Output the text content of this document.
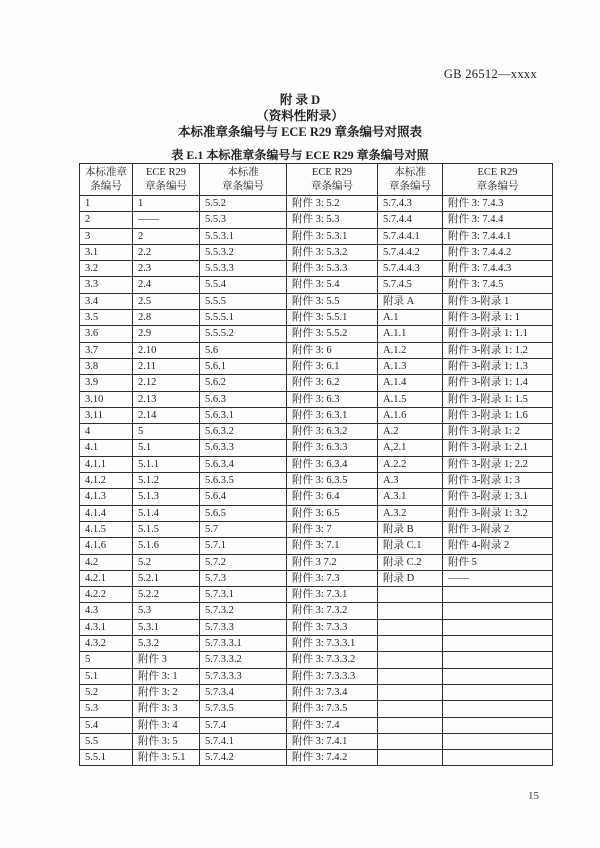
GB 26512—xxxx
附 录 D
（资料性附录）
本标准章条编号与 ECE R29 章条编号对照表
表 E.1 本标准章条编号与 ECE R29 章条编号对照
本标准章
条编号

ECE R29
章条编号

本标准
章条编号

ECE R29
章条编号

本标准
章条编号

ECE R29
章条编号

1	1	5.5.2	附件 3: 5.2	5.7.4.3	附件 3: 7.4.3
2	——	5.5.3	附件 3: 5.3	5.7.4.4	附件 3: 7.4.4
3	2	5.5.3.1	附件 3: 5.3.1	5.7.4.4.1	附件 3: 7.4.4.1
3.1	2.2	5.5.3.2	附件 3: 5.3.2	5.7.4.4.2	附件 3: 7.4.4.2
3.2	2.3	5.5.3.3	附件 3: 5.3.3	5.7.4.4.3	附件 3: 7.4.4.3
3.3	2.4	5.5.4	附件 3: 5.4	5.7.4.5	附件 3: 7.4.5
3.4	2.5	5.5.5	附件 3: 5.5	附录 A	附件 3-附录 1
3.5	2.8	5.5.5.1	附件 3: 5.5.1	A.1	附件 3-附录 1: 1
3.6	2.9	5.5.5.2	附件 3: 5.5.2	A.1.1	附件 3-附录 1: 1.1
3.7	2.10	5.6	附件 3: 6	A.1.2	附件 3-附录 1: 1.2
3.8	2.11	5.6.1	附件 3: 6.1	A.1.3	附件 3-附录 1: 1.3
3.9	2.12	5.6.2	附件 3: 6.2	A.1.4	附件 3-附录 1: 1.4
3.10	2.13	5.6.3	附件 3: 6.3	A.1.5	附件 3-附录 1: 1.5
3.11	2.14	5.6.3.1	附件 3: 6.3.1	A.1.6	附件 3-附录 1: 1.6
4	5	5.6.3.2	附件 3: 6.3.2	A.2	附件 3-附录 1: 2
4.1	5.1	5.6.3.3	附件 3: 6.3.3	A,2.1	附件 3-附录 1: 2.1
4.1.1	5.1.1	5.6.3.4	附件 3: 6.3.4	A.2.2	附件 3-附录 1: 2.2
4.1.2	5.1.2	5.6.3.5	附件 3: 6.3.5	A.3	附件 3-附录 1: 3
4.1.3	5.1.3	5.6.4	附件 3: 6.4	A.3.1	附件 3-附录 1: 3.1
4.1.4	5.1.4	5.6.5	附件 3: 6.5	A.3.2	附件 3-附录 1: 3.2
4.1.5	5.1.5	5.7	附件 3: 7	附录 B	附件 3-附录 2
4.1.6	5.1.6	5.7.1	附件 3: 7.1	附录 C.1	附件 4-附录 2
4.2	5.2	5.7.2	附件 3 7.2	附录 C.2	附件 5
4.2.1	5.2.1	5.7.3	附件 3: 7.3	附录 D	——
4.2.2	5.2.2	5.7.3.1	附件 3: 7.3.1		
4.3	5.3	5.7.3.2	附件 3: 7.3.2		
4.3.1	5.3.1	5.7.3.3	附件 3: 7.3.3		
4.3.2	5.3.2	5.7.3.3.1	附件 3: 7.3.3.1		
5	附件 3	5.7.3.3.2	附件 3: 7.3.3.2		
5.1	附件 3: 1	5.7.3.3.3	附件 3: 7.3.3.3		
5.2	附件 3: 2	5.7.3.4	附件 3: 7.3.4		
5.3	附件 3: 3	5.7.3.5	附件 3: 7.3.5		
5.4	附件 3: 4	5.7.4	附件 3: 7.4		
5.5	附件 3: 5	5.7.4.1	附件 3: 7.4.1		
5.5.1	附件 3: 5.1	5.7.4.2	附件 3: 7.4.2		
15
